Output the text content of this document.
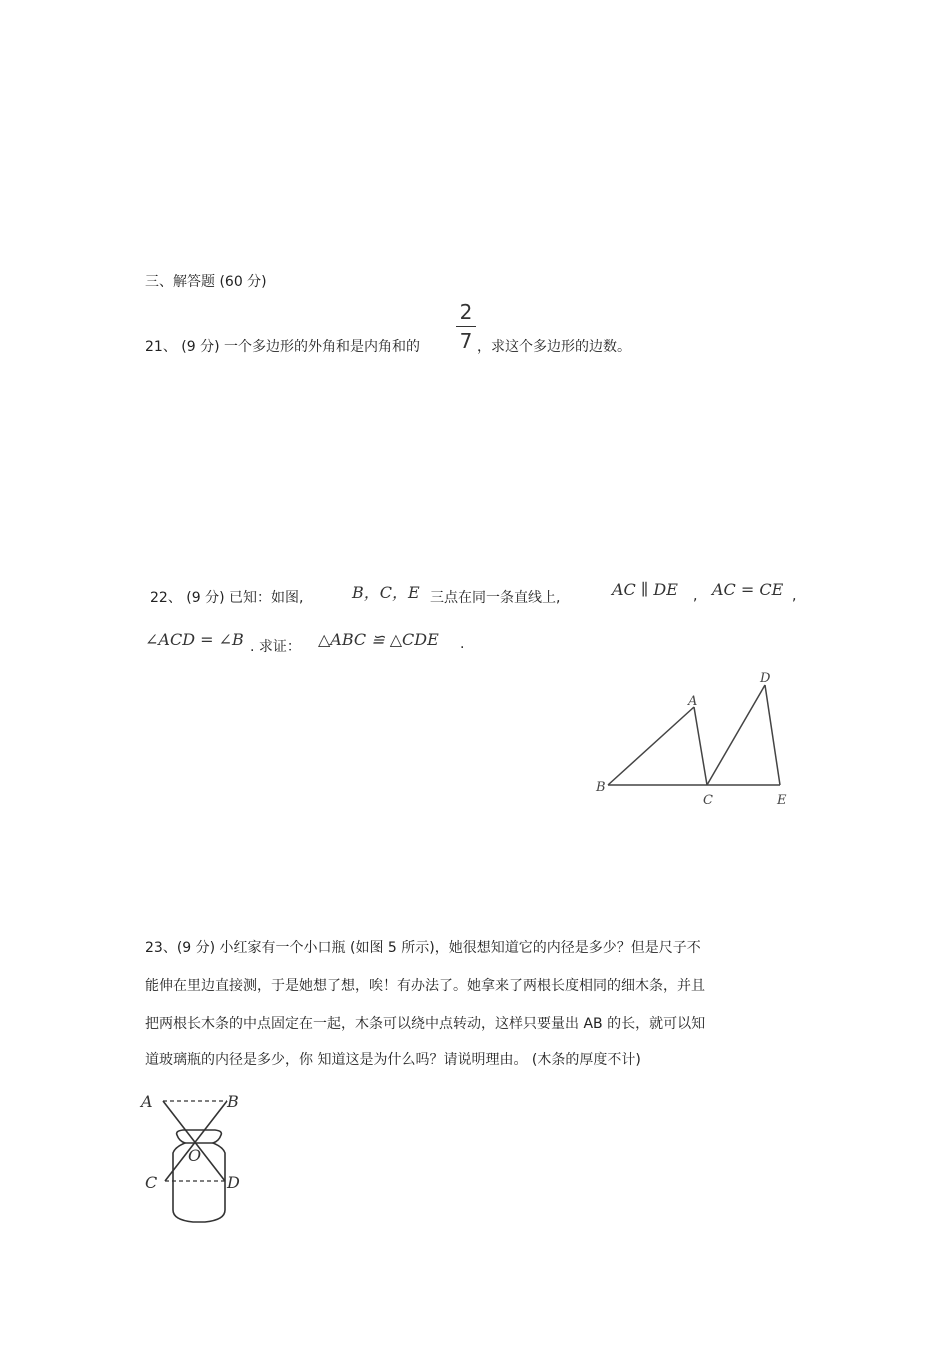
三、解答题 (60 分)
21、 (9 分) 一个多边形的外角和是内角和的
2
7 ，求这个多边形的边数。
22、 (9 分) 已知：如图,	B，C，E 三点在同一条直线上,	AC ∥ DE , AC = CE ,
∠ACD = ∠B . 求证： △ABC ≌ △CDE .
A
B
C
D
E
23、(9 分) 小红家有一个小口瓶 (如图 5 所示)，她很想知道它的内径是多少？但是尺子不
能伸在里边直接测，于是她想了想，唉！有办法了。她拿来了两根长度相同的细木条，并且
把两根长木条的中点固定在一起，木条可以绕中点转动，这样只要量出 AB 的长，就可以知
道玻璃瓶的内径是多少，你 知道这是为什么吗？请说明理由。 (木条的厚度不计)
A	B
O
C	D
